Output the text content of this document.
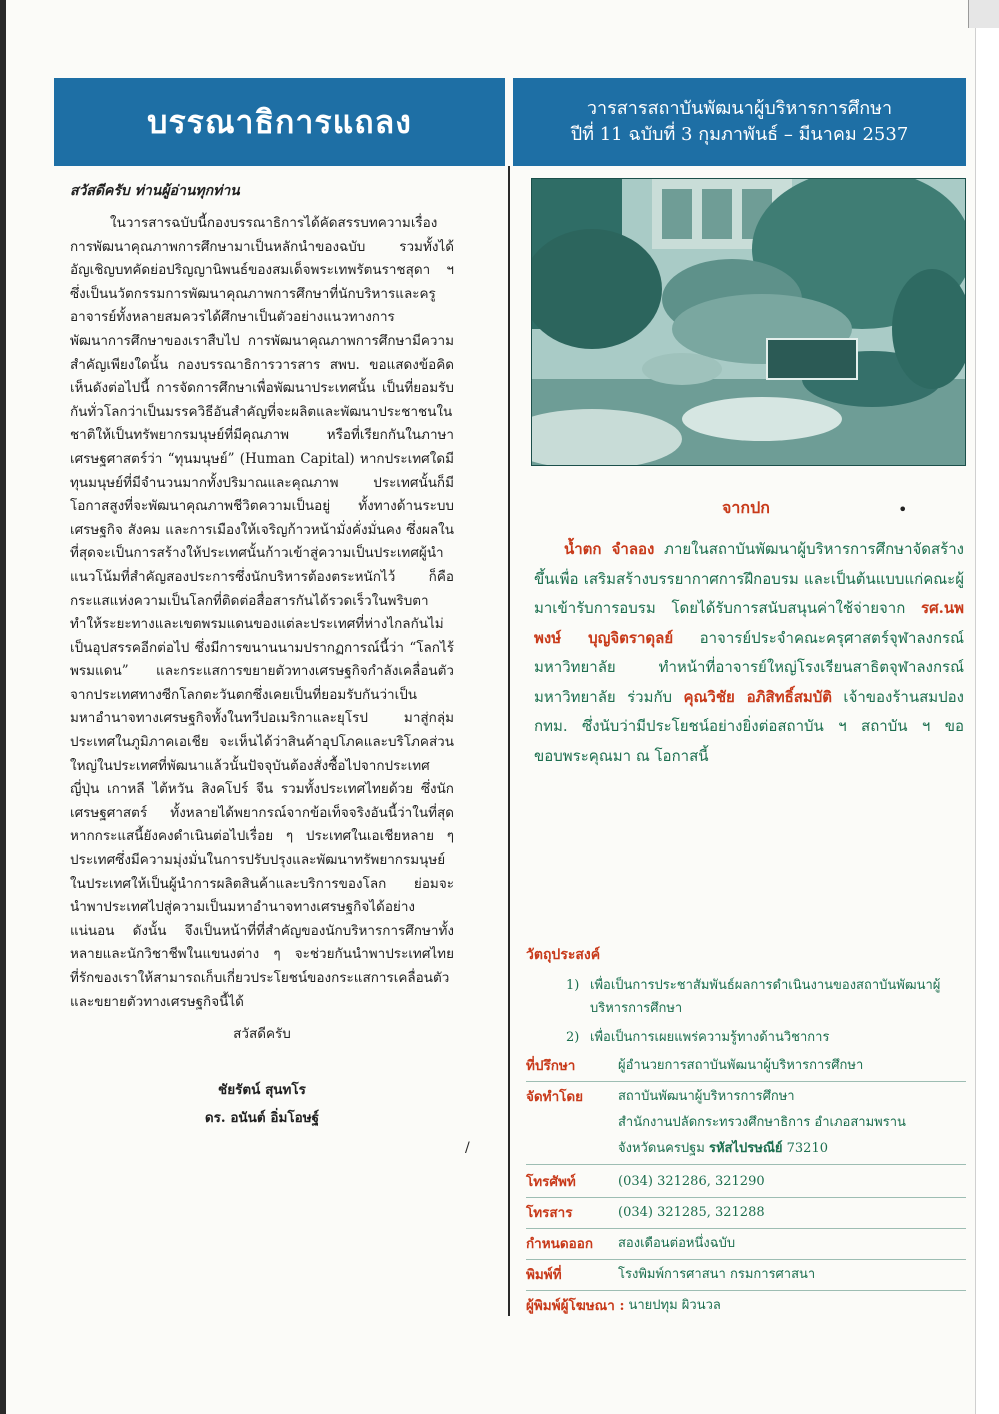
บรรณาธิการแถลง	วารสารสถาบันพัฒนาผู้บริหารการศึกษา
ปีที่ 11 ฉบับที่ 3 กุมภาพันธ์ – มีนาคม 2537
สวัสดีครับ ท่านผู้อ่านทุกท่าน

ในวารสารฉบับนี้กองบรรณาธิการได้คัดสรรบทความเรื่องการพัฒนาคุณภาพการศึกษามาเป็นหลักนำของฉบับ รวมทั้งได้อัญเชิญบทคัดย่อปริญญานิพนธ์ของสมเด็จพระเทพรัตนราชสุดา ฯ ซึ่งเป็นนวัตกรรมการพัฒนาคุณภาพการศึกษาที่นักบริหารและครูอาจารย์ทั้งหลายสมควรได้ศึกษาเป็นตัวอย่างแนวทางการพัฒนาการศึกษาของเราสืบไป การพัฒนาคุณภาพการศึกษามีความสำคัญเพียงใดนั้น กองบรรณาธิการวารสาร สพบ. ขอแสดงข้อคิดเห็นดังต่อไปนี้ การจัดการศึกษาเพื่อพัฒนาประเทศนั้น เป็นที่ยอมรับกันทั่วโลกว่าเป็นมรรควิธีอันสำคัญที่จะผลิตและพัฒนาประชาชนในชาติให้เป็นทรัพยากรมนุษย์ที่มีคุณภาพ หรือที่เรียกกันในภาษาเศรษฐศาสตร์ว่า “ทุนมนุษย์” (Human Capital) หากประเทศใดมีทุนมนุษย์ที่มีจำนวนมากทั้งปริมาณและคุณภาพ ประเทศนั้นก็มีโอกาสสูงที่จะพัฒนาคุณภาพชีวิตความเป็นอยู่ ทั้งทางด้านระบบเศรษฐกิจ สังคม และการเมืองให้เจริญก้าวหน้ามั่งคั่งมั่นคง ซึ่งผลในที่สุดจะเป็นการสร้างให้ประเทศนั้นก้าวเข้าสู่ความเป็นประเทศผู้นำ แนวโน้มที่สำคัญสองประการซึ่งนักบริหารต้องตระหนักไว้ ก็คือกระแสแห่งความเป็นโลกที่ติดต่อสื่อสารกันได้รวดเร็วในพริบตาทำให้ระยะทางและเขตพรมแดนของแต่ละประเทศที่ห่างไกลกันไม่เป็นอุปสรรคอีกต่อไป ซึ่งมีการขนานนามปรากฏการณ์นี้ว่า “โลกไร้พรมแดน” และกระแสการขยายตัวทางเศรษฐกิจกำลังเคลื่อนตัวจากประเทศทางซีกโลกตะวันตกซึ่งเคยเป็นที่ยอมรับกันว่าเป็นมหาอำนาจทางเศรษฐกิจทั้งในทวีปอเมริกาและยุโรป มาสู่กลุ่มประเทศในภูมิภาคเอเชีย จะเห็นได้ว่าสินค้าอุปโภคและบริโภคส่วนใหญ่ในประเทศที่พัฒนาแล้วนั้นปัจจุบันต้องสั่งซื้อไปจากประเทศญี่ปุ่น เกาหลี ไต้หวัน สิงคโปร์ จีน รวมทั้งประเทศไทยด้วย ซึ่งนักเศรษฐศาสตร์ ทั้งหลายได้พยากรณ์จากข้อเท็จจริงอันนี้ว่าในที่สุดหากกระแสนี้ยังคงดำเนินต่อไปเรื่อย ๆ ประเทศในเอเชียหลาย ๆ ประเทศซึ่งมีความมุ่งมั่นในการปรับปรุงและพัฒนาทรัพยากรมนุษย์ในประเทศให้เป็นผู้นำการผลิตสินค้าและบริการของโลก ย่อมจะนำพาประเทศไปสู่ความเป็นมหาอำนาจทางเศรษฐกิจได้อย่างแน่นอน ดังนั้น จึงเป็นหน้าที่ที่สำคัญของนักบริหารการศึกษาทั้งหลายและนักวิชาชีพในแขนงต่าง ๆ จะช่วยกันนำพาประเทศไทยที่รักของเราให้สามารถเก็บเกี่ยวประโยชน์ของกระแสการเคลื่อนตัวและขยายตัวทางเศรษฐกิจนี้ได้

สวัสดีครับ
ชัยรัตน์ สุนทโร
ดร. อนันต์ อิ่มโอษฐ์
/
•
จากปก
น้ำตก จำลอง ภายในสถาบันพัฒนาผู้บริหารการศึกษาจัดสร้างขึ้นเพื่อ เสริมสร้างบรรยากาศการฝึกอบรม และเป็นต้นแบบแก่คณะผู้มาเข้ารับการอบรม โดยได้รับการสนับสนุนค่าใช้จ่ายจาก รศ.นพพงษ์ บุญจิตราดุลย์ อาจารย์ประจำคณะครุศาสตร์จุฬาลงกรณ์มหาวิทยาลัย ทำหน้าที่อาจารย์ใหญ่โรงเรียนสาธิตจุฬาลงกรณ์มหาวิทยาลัย ร่วมกับ คุณวิชัย อภิสิทธิ์สมบัติ เจ้าของร้านสมปอง กทม. ซึ่งนับว่ามีประโยชน์อย่างยิ่งต่อสถาบัน ฯ สถาบัน ฯ ขอขอบพระคุณมา ณ โอกาสนี้
วัตถุประสงค์
1) เพื่อเป็นการประชาสัมพันธ์ผลการดำเนินงานของสถาบันพัฒนาผู้บริหารการศึกษา
2) เพื่อเป็นการเผยแพร่ความรู้ทางด้านวิชาการ
ที่ปรึกษา	ผู้อำนวยการสถาบันพัฒนาผู้บริหารการศึกษา
จัดทำโดย	สถาบันพัฒนาผู้บริหารการศึกษา
สำนักงานปลัดกระทรวงศึกษาธิการ อำเภอสามพราน
จังหวัดนครปฐม รหัสไปรษณีย์ 73210
โทรศัพท์	(034) 321286, 321290
โทรสาร	(034) 321285, 321288
กำหนดออก	สองเดือนต่อหนึ่งฉบับ
พิมพ์ที่	โรงพิมพ์การศาสนา กรมการศาสนา
ผู้พิมพ์ผู้โฆษณา : นายปทุม ผิวนวล
